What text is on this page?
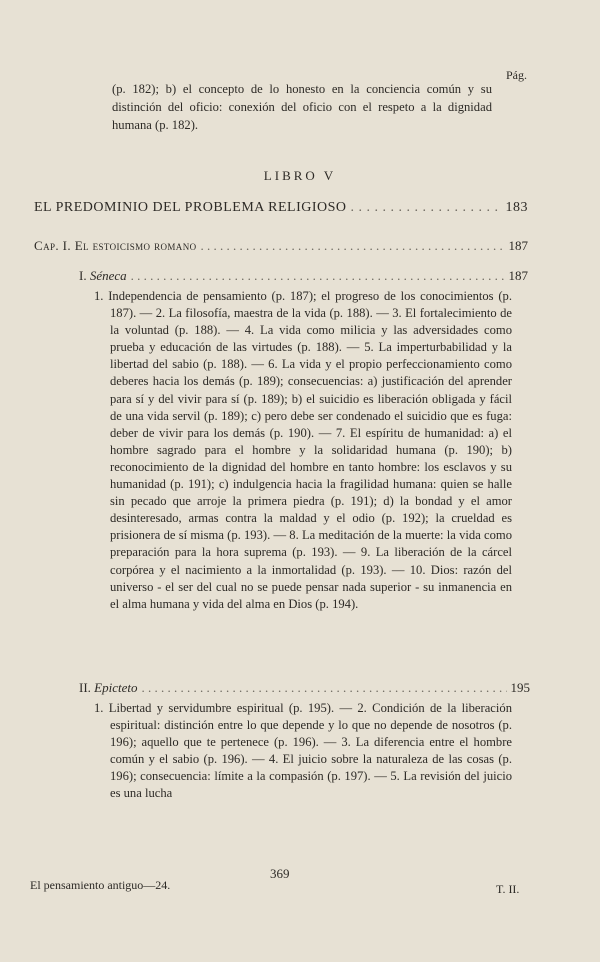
Pág.
(p. 182); b) el concepto de lo honesto en la conciencia común y su distinción del oficio: conexión del oficio con el respeto a la dignidad humana (p. 182).
LIBRO V
EL PREDOMINIO DEL PROBLEMA RELIGIOSO . . .	183
Cap. I. El estoicismo romano . . .	187
I. Séneca . . .	187
1. Independencia de pensamiento (p. 187); el progreso de los conocimientos (p. 187). — 2. La filosofía, maestra de la vida (p. 188). — 3. El fortalecimiento de la voluntad (p. 188). — 4. La vida como milicia y las adversidades como prueba y educación de las virtudes (p. 188). — 5. La imperturbabilidad y la libertad del sabio (p. 188). — 6. La vida y el propio perfeccionamiento como deberes hacia los demás (p. 189); consecuencias: a) justificación del aprender para sí y del vivir para sí (p. 189); b) el suicidio es liberación obligada y fácil de una vida servil (p. 189); c) pero debe ser condenado el suicidio que es fuga: deber de vivir para los demás (p. 190). — 7. El espíritu de humanidad: a) el hombre sagrado para el hombre y la solidaridad humana (p. 190); b) reconocimiento de la dignidad del hombre en tanto hombre: los esclavos y su humanidad (p. 191); c) indulgencia hacia la fragilidad humana: quien se halle sin pecado que arroje la primera piedra (p. 191); d) la bondad y el amor desinteresado, armas contra la maldad y el odio (p. 192); la crueldad es prisionera de sí misma (p. 193). — 8. La meditación de la muerte: la vida como preparación para la hora suprema (p. 193). — 9. La liberación de la cárcel corpórea y el nacimiento a la inmortalidad (p. 193). — 10. Dios: razón del universo - el ser del cual no se puede pensar nada superior - su inmanencia en el alma humana y vida del alma en Dios (p. 194).
II. Epicteto . . .	195
1. Libertad y servidumbre espiritual (p. 195). — 2. Condición de la liberación espiritual: distinción entre lo que depende y lo que no depende de nosotros (p. 196); aquello que te pertenece (p. 196). — 3. La diferencia entre el hombre común y el sabio (p. 196). — 4. El juicio sobre la naturaleza de las cosas (p. 196); consecuencia: límite a la compasión (p. 197). — 5. La revisión del juicio es una lucha
El pensamiento antiguo—24.
369
T. II.
